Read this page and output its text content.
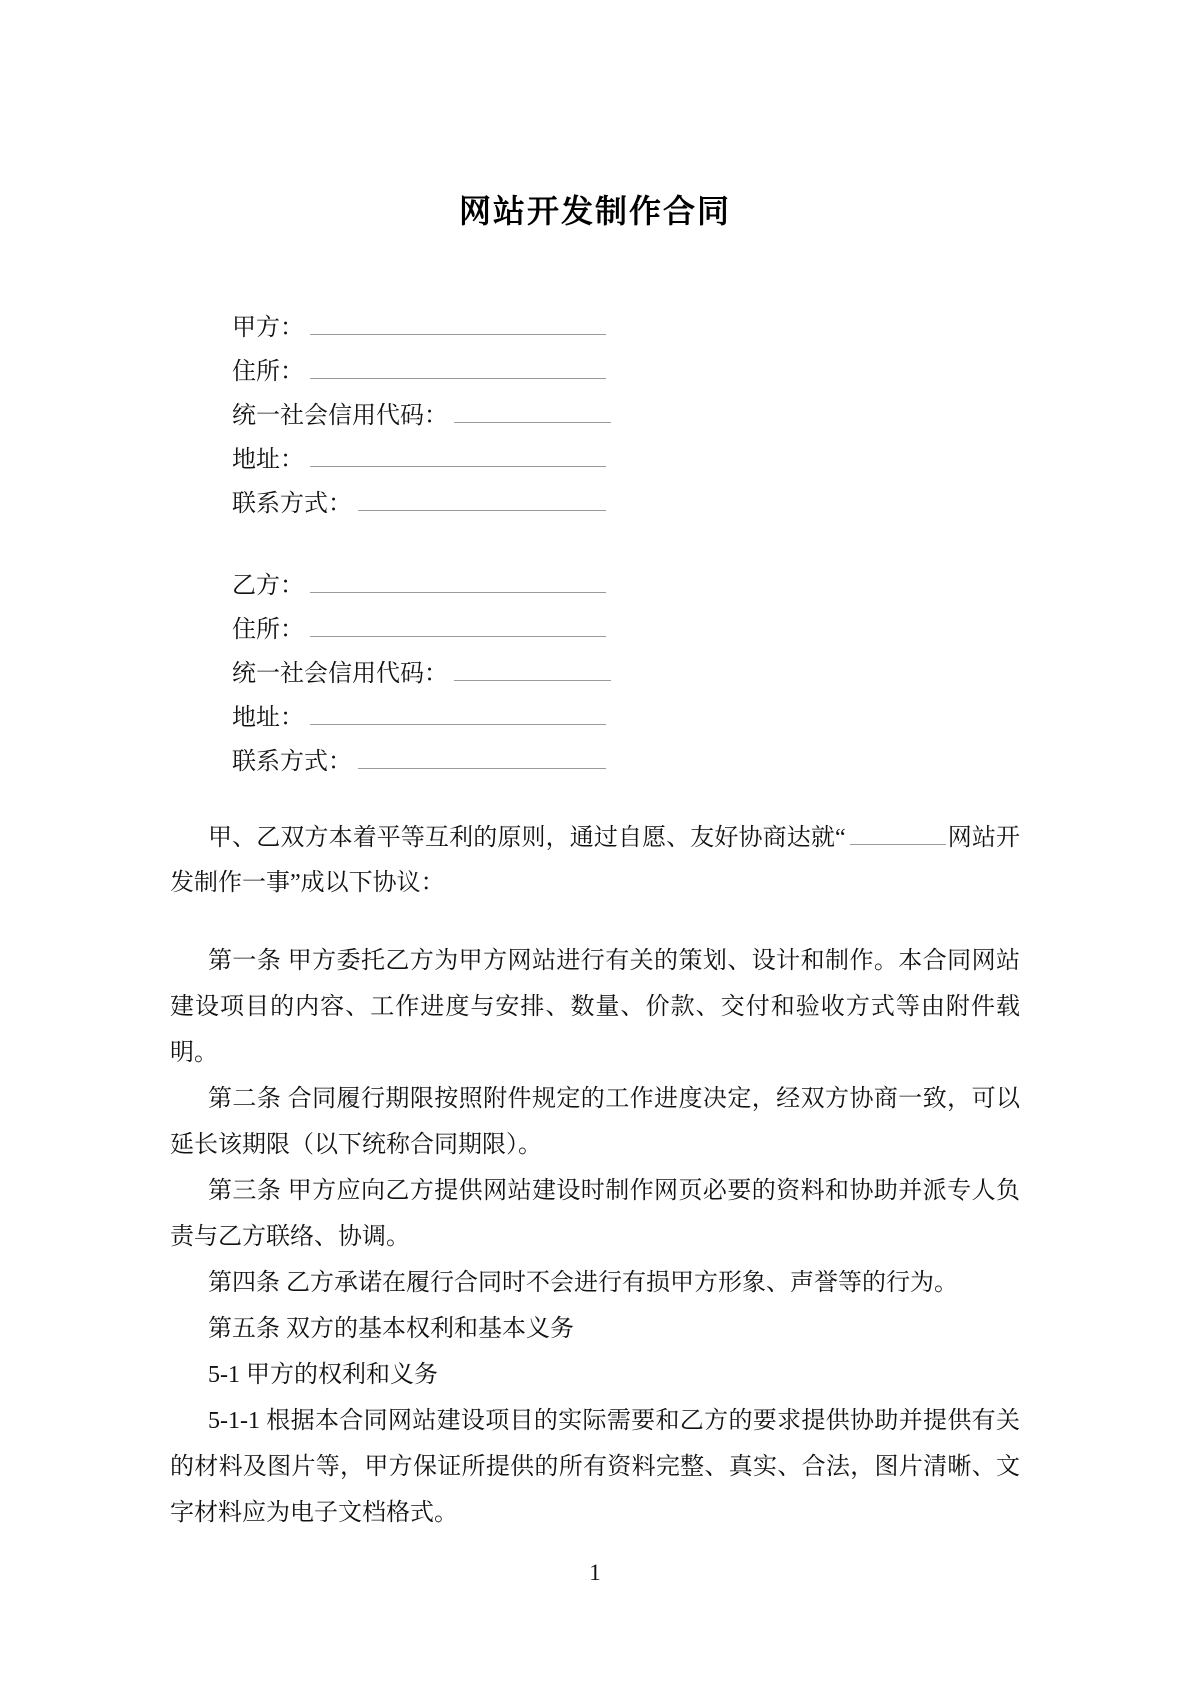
网站开发制作合同
甲方：
住所：
统一社会信用代码：
地址：
联系方式：
乙方：
住所：
统一社会信用代码：
地址：
联系方式：

甲、乙双方本着平等互利的原则，通过自愿、友好协商达就“	网站开发制作一事”成以下协议：

第一条 甲方委托乙方为甲方网站进行有关的策划、设计和制作。本合同网站建设项目的内容、工作进度与安排、数量、价款、交付和验收方式等由附件载明。

第二条 合同履行期限按照附件规定的工作进度决定，经双方协商一致，可以延长该期限（以下统称合同期限）。

第三条 甲方应向乙方提供网站建设时制作网页必要的资料和协助并派专人负责与乙方联络、协调。

第四条 乙方承诺在履行合同时不会进行有损甲方形象、声誉等的行为。

第五条 双方的基本权利和基本义务

5-1 甲方的权利和义务

5-1-1 根据本合同网站建设项目的实际需要和乙方的要求提供协助并提供有关的材料及图片等，甲方保证所提供的所有资料完整、真实、合法，图片清晰、文字材料应为电子文档格式。

1
